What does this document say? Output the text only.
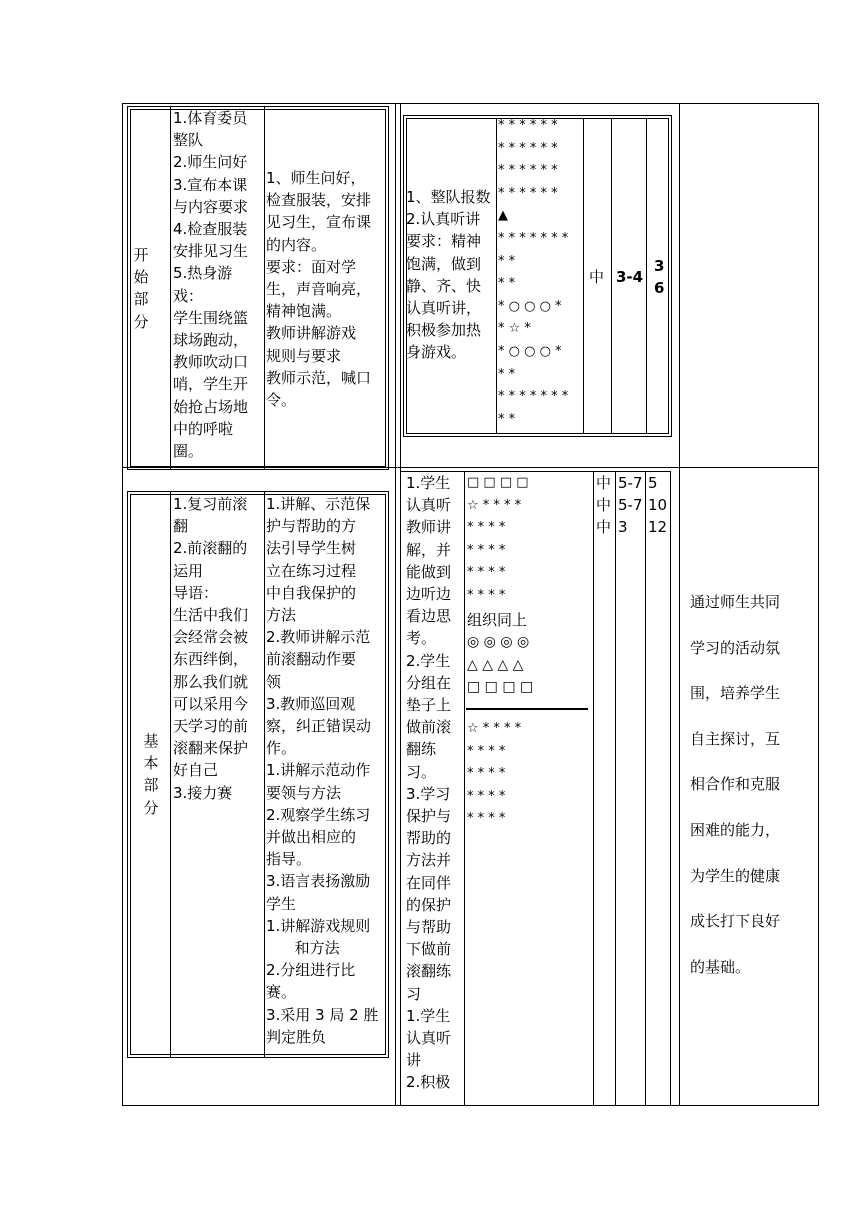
开
始
部
分
1.体育委员
整队
2.师生问好
3.宣布本课
与内容要求
4.检查服装
安排见习生
5.热身游
戏：
学生围绕篮
球场跑动，
教师吹动口
哨，学生开
始抢占场地
中的呼啦
圈。
1、师生问好，
检查服装，安排
见习生，宣布课
的内容。
要求：面对学
生，声音响亮，
精神饱满。
教师讲解游戏
规则与要求
教师示范，喊口
令。
1、整队报数
2.认真听讲
要求：精神
饱满，做到
静、齐、快
认真听讲，
积极参加热
身游戏。
* * * * * *
* * * * * *
* * * * * *
* * * * * *
▲
* * * * * * *
* *
* *
* ○ ○ ○ *
* ☆ *
* ○ ○ ○ *
* *
* * * * * * *
* *
中 3-4
3
6
基
本
部
分
1.复习前滚
翻
2.前滚翻的
运用
导语：
生活中我们
会经常会被
东西绊倒，
那么我们就
可以采用今
天学习的前
滚翻来保护
好自己
3.接力赛
1.讲解、示范保
护与帮助的方
法引导学生树
立在练习过程
中自我保护的
方法
2.教师讲解示范
前滚翻动作要
领
3.教师巡回观
察，纠正错误动
作。
1.讲解示范动作
要领与方法
2.观察学生练习
并做出相应的
指导。
3.语言表扬激励
学生
1.讲解游戏规则
和方法
2.分组进行比
赛。
3.采用 3 局 2 胜
判定胜负
1.学生
认真听
教师讲
解，并
能做到
边听边
看边思
考。
2.学生
分组在
垫子上
做前滚
翻练
习。
3.学习
保护与
帮助的
方法并
在同伴
的保护
与帮助
下做前
滚翻练
习
1.学生
认真听
讲
2.积极
□ □ □ □
☆ * * * *
* * * *
* * * *
* * * *
* * * *
组织同上
◎ ◎ ◎ ◎
△ △ △ △
□ □ □ □
☆ * * * *
* * * *
* * * *
* * * *
* * * *
中
中
中
5-7
5-7
3
5
10
12
通过师生共同
学习的活动氛
围，培养学生
自主探讨，互
相合作和克服
困难的能力，
为学生的健康
成长打下良好
的基础。
